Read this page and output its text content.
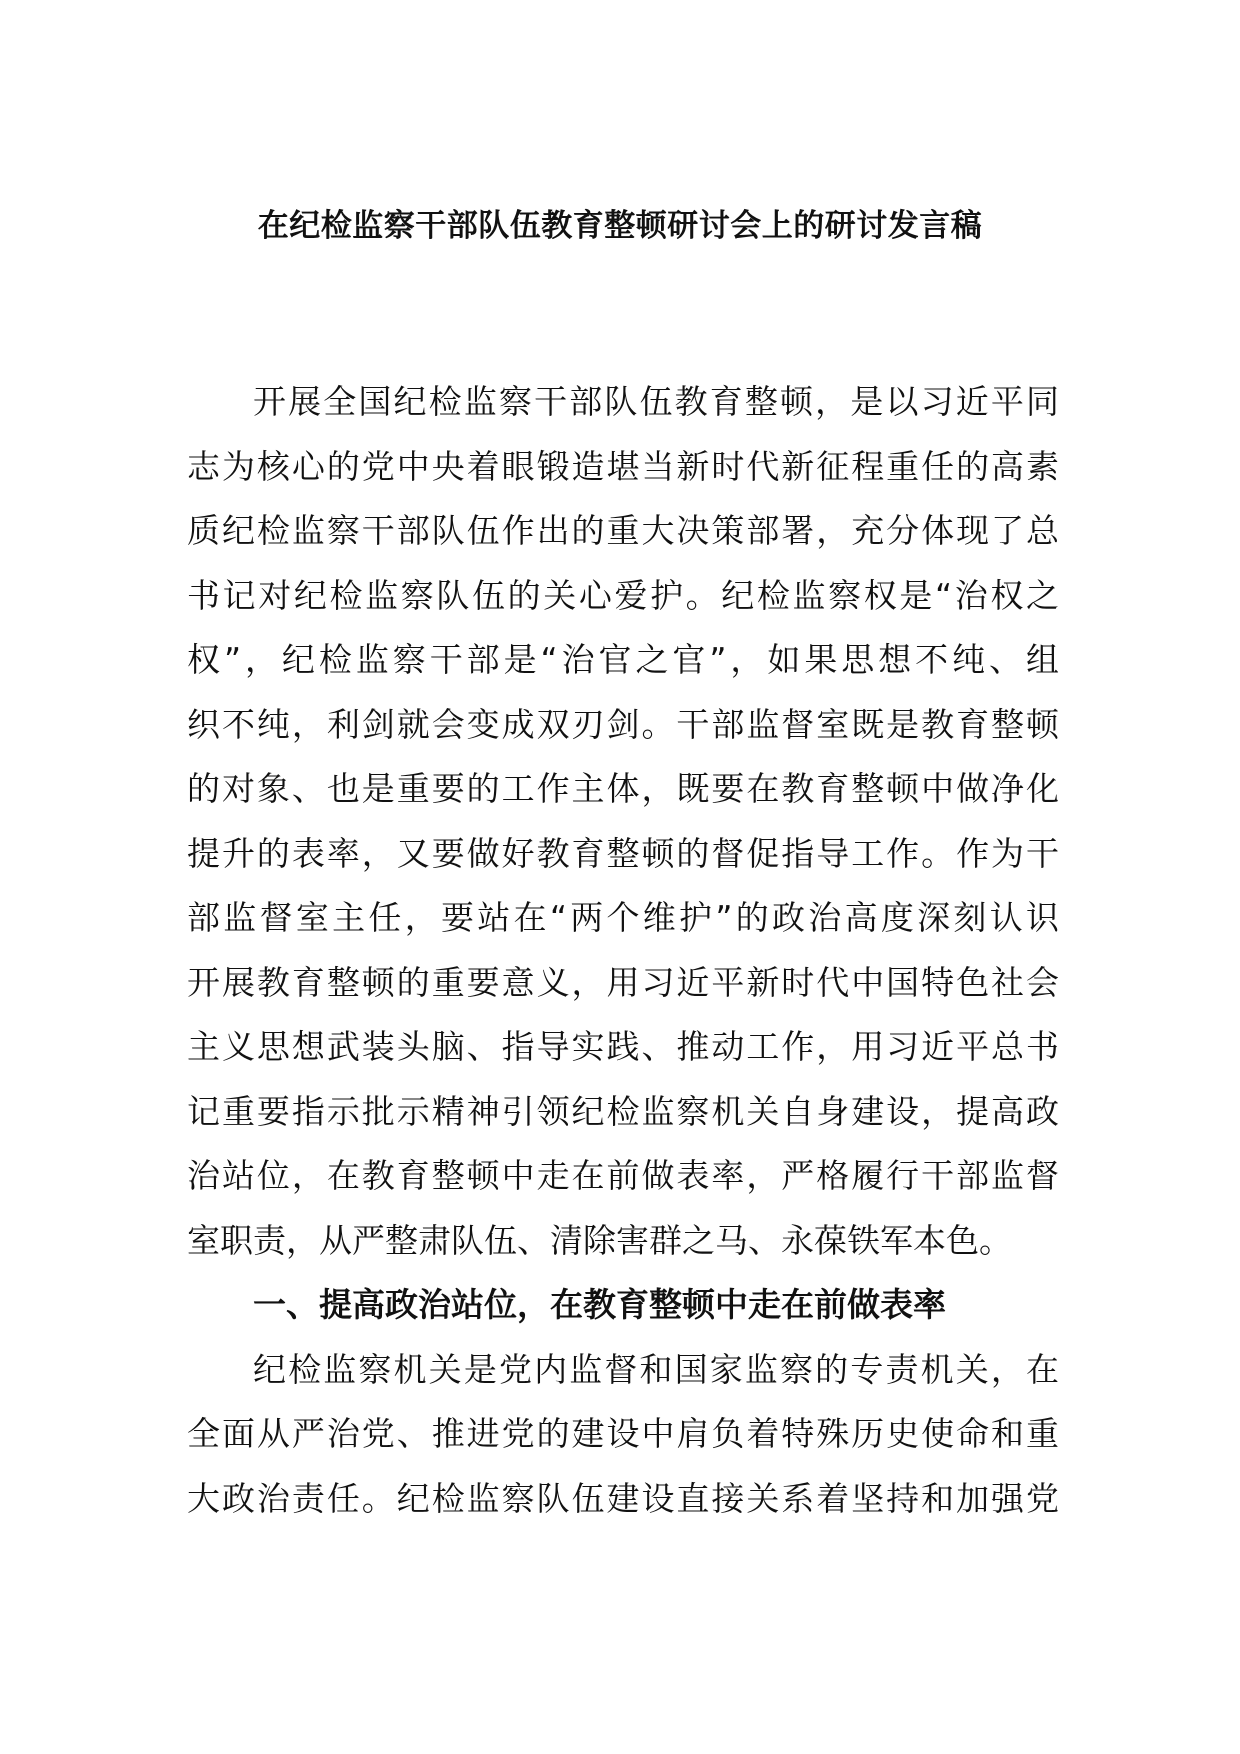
在纪检监察干部队伍教育整顿研讨会上的研讨发言稿
开展全国纪检监察干部队伍教育整顿，是以习近平同
志为核心的党中央着眼锻造堪当新时代新征程重任的高素
质纪检监察干部队伍作出的重大决策部署，充分体现了总
书记对纪检监察队伍的关心爱护。纪检监察权是“治权之
权”，纪检监察干部是“治官之官”，如果思想不纯、组
织不纯，利剑就会变成双刃剑。干部监督室既是教育整顿
的对象、也是重要的工作主体，既要在教育整顿中做净化
提升的表率，又要做好教育整顿的督促指导工作。作为干
部监督室主任，要站在“两个维护”的政治高度深刻认识
开展教育整顿的重要意义，用习近平新时代中国特色社会
主义思想武装头脑、指导实践、推动工作，用习近平总书
记重要指示批示精神引领纪检监察机关自身建设，提高政
治站位，在教育整顿中走在前做表率，严格履行干部监督
室职责，从严整肃队伍、清除害群之马、永葆铁军本色。
一、提高政治站位，在教育整顿中走在前做表率
纪检监察机关是党内监督和国家监察的专责机关，在
全面从严治党、推进党的建设中肩负着特殊历史使命和重
大政治责任。纪检监察队伍建设直接关系着坚持和加强党
